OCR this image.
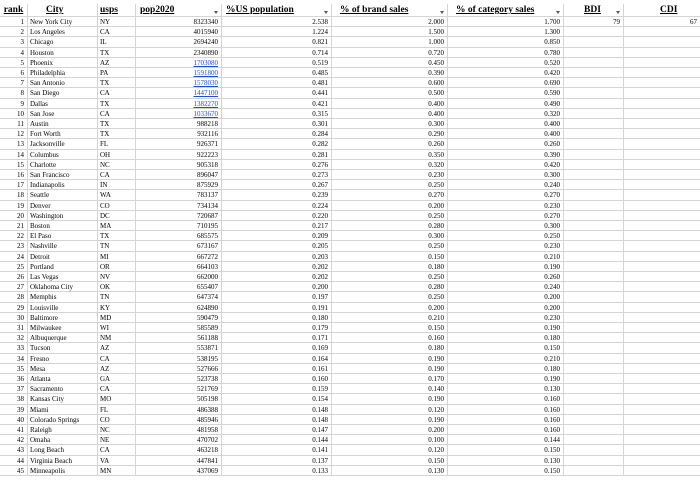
rank	City	usps	pop2020	%US population	% of brand sales	% of category sales	BDI	CDI
1 New York City	NY	8323340	2.538	2.000	1.700	79	67
2 Los Angeles	CA	4015940	1.224	1.500	1.300
3 Chicago	IL	2694240	0.821	1.000	0.850
4 Houston	TX	2340890	0.714	0.720	0.780
5 Phoenix	AZ	1703080	0.519	0.450	0.520
6 Philadelphia	PA	1591800	0.485	0.390	0.420
7 San Antonio	TX	1578030	0.481	0.600	0.690
8 San Diego	CA	1447100	0.441	0.500	0.590
9 Dallas	TX	1382270	0.421	0.400	0.490
10 San Jose	CA	1033670	0.315	0.400	0.320
11 Austin	TX	988218	0.301	0.300	0.400
12 Fort Worth	TX	932116	0.284	0.290	0.400
13 Jacksonville	FL	926371	0.282	0.260	0.260
14 Columbus	OH	922223	0.281	0.350	0.390
15 Charlotte	NC	905318	0.276	0.320	0.420
16 San Francisco	CA	896047	0.273	0.230	0.300
17 Indianapolis	IN	875929	0.267	0.250	0.240
18 Seattle	WA	783137	0.239	0.270	0.270
19 Denver	CO	734134	0.224	0.200	0.230
20 Washington	DC	720687	0.220	0.250	0.270
21 Boston	MA	710195	0.217	0.280	0.300
22 El Paso	TX	685575	0.209	0.300	0.250
23 Nashville	TN	673167	0.205	0.250	0.230
24 Detroit	MI	667272	0.203	0.150	0.210
25 Portland	OR	664103	0.202	0.180	0.190
26 Las Vegas	NV	662000	0.202	0.250	0.260
27 Oklahoma City	OK	655407	0.200	0.280	0.240
28 Memphis	TN	647374	0.197	0.250	0.200
29 Louisville	KY	624890	0.191	0.200	0.200
30 Baltimore	MD	590479	0.180	0.210	0.230
31 Milwaukee	WI	585589	0.179	0.150	0.190
32 Albuquerque	NM	561188	0.171	0.160	0.180
33 Tucson	AZ	553871	0.169	0.180	0.150
34 Fresno	CA	538195	0.164	0.190	0.210
35 Mesa	AZ	527666	0.161	0.190	0.180
36 Atlanta	GA	523738	0.160	0.170	0.190
37 Sacramento	CA	521769	0.159	0.140	0.130
38 Kansas City	MO	505198	0.154	0.190	0.160
39 Miami	FL	486388	0.148	0.120	0.160
40 Colorado Springs	CO	485946	0.148	0.190	0.160
41 Raleigh	NC	481958	0.147	0.200	0.160
42 Omaha	NE	470702	0.144	0.100	0.144
43 Long Beach	CA	463218	0.141	0.120	0.150
44 Virginia Beach	VA	447841	0.137	0.150	0.130
45 Minneapolis	MN	437069	0.133	0.130	0.150
